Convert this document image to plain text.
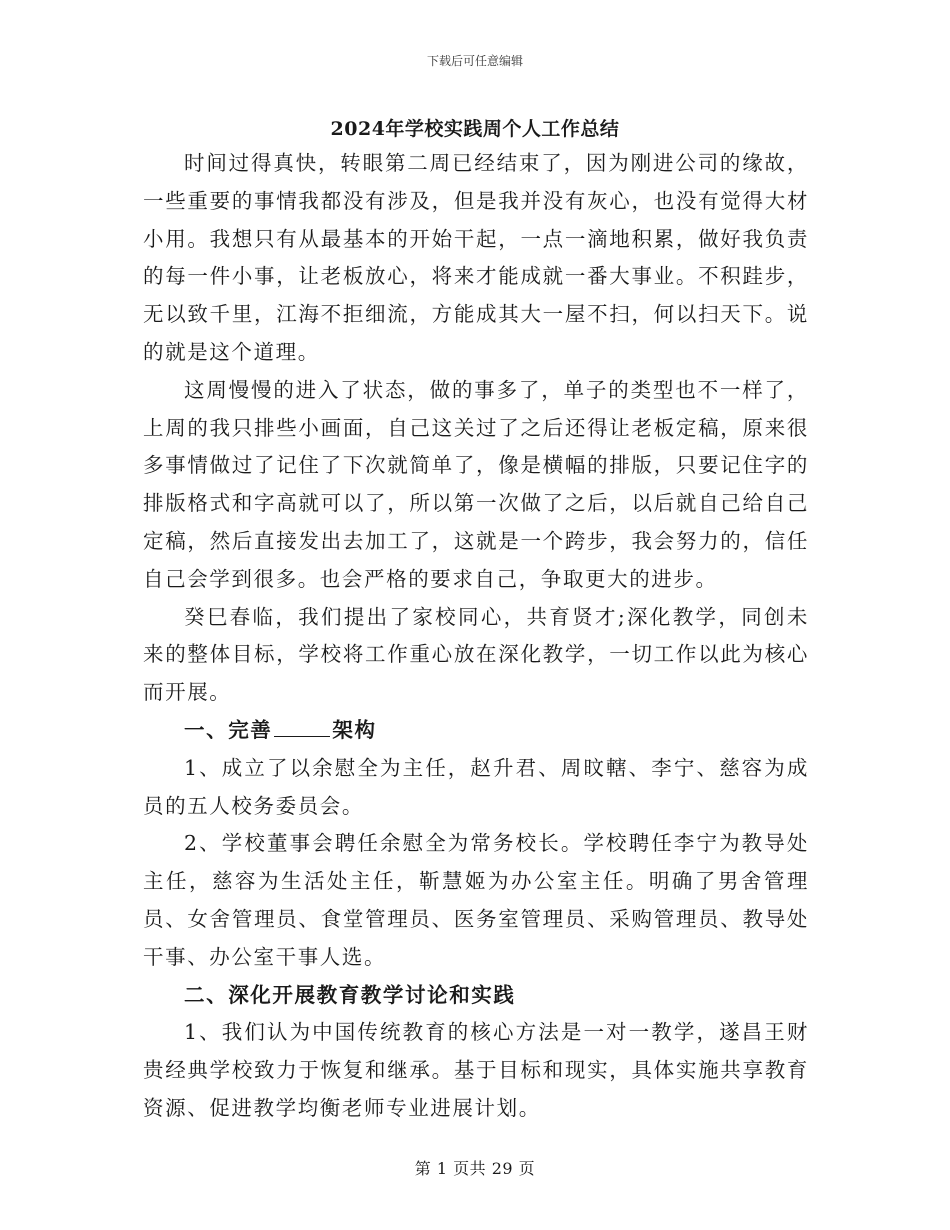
下载后可任意编辑
2024年学校实践周个人工作总结

时间过得真快，转眼第二周已经结束了，因为刚进公司的缘故，一些重要的事情我都没有涉及，但是我并没有灰心，也没有觉得大材小用。我想只有从最基本的开始干起，一点一滴地积累，做好我负责的每一件小事，让老板放心，将来才能成就一番大事业。不积跬步，无以致千里，江海不拒细流，方能成其大一屋不扫，何以扫天下。说的就是这个道理。

这周慢慢的进入了状态，做的事多了，单子的类型也不一样了，上周的我只排些小画面，自己这关过了之后还得让老板定稿，原来很多事情做过了记住了下次就简单了，像是横幅的排版，只要记住字的排版格式和字高就可以了，所以第一次做了之后，以后就自己给自己定稿，然后直接发出去加工了，这就是一个跨步，我会努力的，信任自己会学到很多。也会严格的要求自己，争取更大的进步。

癸巳春临，我们提出了家校同心，共育贤才;深化教学，同创未来的整体目标，学校将工作重心放在深化教学，一切工作以此为核心而开展。

一、完善	架构

1、成立了以余慰全为主任，赵升君、周旼轄、李宁、慈容为成员的五人校务委员会。

2、学校董事会聘任余慰全为常务校长。学校聘任李宁为教导处主任，慈容为生活处主任，靳慧姬为办公室主任。明确了男舍管理员、女舍管理员、食堂管理员、医务室管理员、采购管理员、教导处干事、办公室干事人选。

二、深化开展教育教学讨论和实践

1、我们认为中国传统教育的核心方法是一对一教学，遂昌王财贵经典学校致力于恢复和继承。基于目标和现实，具体实施共享教育资源、促进教学均衡老师专业进展计划。

第 1 页共 29 页
